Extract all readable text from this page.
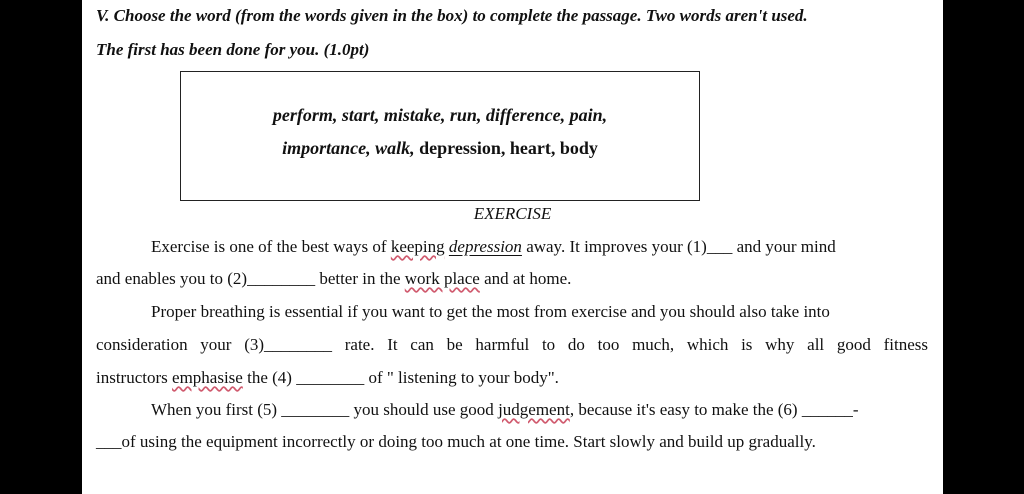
V. Choose the word (from the words given in the box) to complete the passage. Two words aren't used.
The first has been done for you. (1.0pt)
perform, start, mistake, run, difference, pain,
importance, walk, depression, heart, body
EXERCISE
Exercise is one of the best ways of keeping depression away. It improves your (1)___ and your mind
and enables you to (2)________ better in the work place and at home.
Proper breathing is essential if you want to get the most from exercise and you should also take into
consideration your (3)________ rate. It can be harmful to do too much, which is why all good fitness
instructors emphasise the (4) ________ of " listening to your body".
When you first (5) ________ you should use good judgement, because it's easy to make the (6) ______-
___of using the equipment incorrectly or doing too much at one time. Start slowly and build up gradually.
